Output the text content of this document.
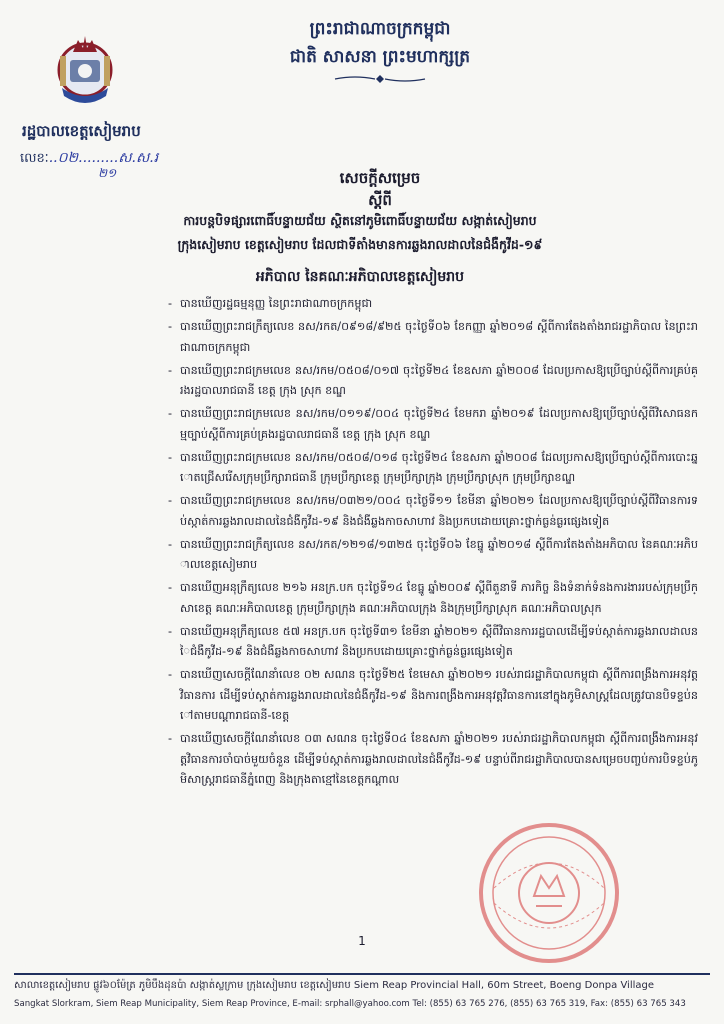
ព្រះរាជាណាចក្រកម្ពុជា
ជាតិ សាសនា ព្រះមហាក្សត្រ
រដ្ឋបាលខេត្តសៀមរាប
លេខៈ..០២.........ស.ស.រ
២១	សេចក្តីសម្រេច
ស្តីពី
ការបន្តបិទផ្សារពោធិ៍បន្ទាយជ័យ ស្ថិតនៅភូមិពោធិ៍បន្ទាយជ័យ សង្កាត់សៀមរាប
ក្រុងសៀមរាប ខេត្តសៀមរាប ដែលជាទីតាំងមានការឆ្លងរាលដាលនៃជំងឺកូវីដ-១៩
អភិបាល នៃគណៈអភិបាលខេត្តសៀមរាប
- បានឃើញរដ្ឋធម្មនុញ្ញ នៃព្រះរាជាណាចក្រកម្ពុជា
- បានឃើញព្រះរាជក្រឹត្យលេខ នស/រកត/០៩១៨/៩២៥ ចុះថ្ងៃទី០៦ ខែកញ្ញា ឆ្នាំ២០១៨ ស្តីពីការតែងតាំងរាជរដ្ឋាភិបាល នៃព្រះរាជាណាចក្រកម្ពុជា
- បានឃើញព្រះរាជក្រមលេខ នស/រកម/០៥០៨/០១៧ ចុះថ្ងៃទី២៤ ខែឧសភា ឆ្នាំ២០០៨ ដែលប្រកាសឱ្យប្រើច្បាប់ស្តីពីការគ្រប់គ្រងរដ្ឋបាលរាជធានី ខេត្ត ក្រុង ស្រុក ខណ្ឌ
- បានឃើញព្រះរាជក្រមលេខ នស/រកម/០១១៩/០០៤ ចុះថ្ងៃទី២៤ ខែមករា ឆ្នាំ២០១៩ ដែលប្រកាសឱ្យប្រើច្បាប់ស្តីពីវិសោធនកម្មច្បាប់ស្តីពីការគ្រប់គ្រងរដ្ឋបាលរាជធានី ខេត្ត ក្រុង ស្រុក ខណ្ឌ
- បានឃើញព្រះរាជក្រមលេខ នស/រកម/០៥០៨/០១៨ ចុះថ្ងៃទី២៤ ខែឧសភា ឆ្នាំ២០០៨ ដែលប្រកាសឱ្យប្រើច្បាប់ស្តីពីការបោះឆ្នោតជ្រើសរើសក្រុមប្រឹក្សារាជធានី ក្រុមប្រឹក្សាខេត្ត ក្រុមប្រឹក្សាក្រុង ក្រុមប្រឹក្សាស្រុក ក្រុមប្រឹក្សាខណ្ឌ
- បានឃើញព្រះរាជក្រមលេខ នស/រកម/០៣២១/០០៤ ចុះថ្ងៃទី១១ ខែមីនា ឆ្នាំ២០២១ ដែលប្រកាសឱ្យប្រើច្បាប់ស្តីពីវិធានការទប់ស្កាត់ការឆ្លងរាលដាលនៃជំងឺកូវីដ-១៩ និងជំងឺឆ្លងកាចសាហាវ និងប្រកបដោយគ្រោះថ្នាក់ធ្ងន់ធ្ងរផ្សេងទៀត
- បានឃើញព្រះរាជក្រឹត្យលេខ នស/រកត/១២១៨/១៣២៥ ចុះថ្ងៃទី០៦ ខែធ្នូ ឆ្នាំ២០១៨ ស្តីពីការតែងតាំងអភិបាល នៃគណៈអភិបាលខេត្តសៀមរាប
- បានឃើញអនុក្រឹត្យលេខ ២១៦ អនក្រ.បក ចុះថ្ងៃទី១៤ ខែធ្នូ ឆ្នាំ២០០៩ ស្តីពីតួនាទី ភារកិច្ច និងទំនាក់ទំនងការងាររបស់ក្រុមប្រឹក្សាខេត្ត គណៈអភិបាលខេត្ត ក្រុមប្រឹក្សាក្រុង គណៈអភិបាលក្រុង និងក្រុមប្រឹក្សាស្រុក គណៈអភិបាលស្រុក
- បានឃើញអនុក្រឹត្យលេខ ៥៧ អនក្រ.បក ចុះថ្ងៃទី៣១ ខែមីនា ឆ្នាំ២០២១ ស្តីពីវិធានការរដ្ឋបាលដើម្បីទប់ស្កាត់ការឆ្លងរាលដាលនៃជំងឺកូវីដ-១៩ និងជំងឺឆ្លងកាចសាហាវ និងប្រកបដោយគ្រោះថ្នាក់ធ្ងន់ធ្ងរផ្សេងទៀត
- បានឃើញសេចក្តីណែនាំលេខ ០២ សណន ចុះថ្ងៃទី២៥ ខែមេសា ឆ្នាំ២០២១ របស់រាជរដ្ឋាភិបាលកម្ពុជា ស្តីពីការពង្រឹងការអនុវត្តវិធានការ ដើម្បីទប់ស្កាត់ការឆ្លងរាលដាលនៃជំងឺកូវីដ-១៩ និងការពង្រឹងការអនុវត្តវិធានការនៅក្នុងភូមិសាស្ត្រដែលត្រូវបានបិទខ្ទប់នៅតាមបណ្តារាជធានី-ខេត្ត
- បានឃើញសេចក្តីណែនាំលេខ ០៣ សណន ចុះថ្ងៃទី០៤ ខែឧសភា ឆ្នាំ២០២១ របស់រាជរដ្ឋាភិបាលកម្ពុជា ស្តីពីការពង្រឹងការអនុវត្តវិធានការចាំបាច់មួយចំនួន ដើម្បីទប់ស្កាត់ការឆ្លងរាលដាលនៃជំងឺកូវីដ-១៩ បន្ទាប់ពីរាជរដ្ឋាភិបាលបានសម្រេចបញ្ចប់ការបិទខ្ទប់ភូមិសាស្ត្ររាជធានីភ្នំពេញ និងក្រុងតាខ្មៅនៃខេត្តកណ្តាល
1
សាលាខេត្តសៀមរាប ផ្លូវ៦០ម៉ែត្រ ភូមិបឹងដុនប៉ា សង្កាត់ស្លក្រាម ក្រុងសៀមរាប ខេត្តសៀមរាប Siem Reap Provincial Hall, 60m Street, Boeng Donpa Village
Sangkat Slorkram, Siem Reap Municipality, Siem Reap Province, E-mail: srphall@yahoo.com Tel: (855) 63 765 276, (855) 63 765 319, Fax: (855) 63 765 343
